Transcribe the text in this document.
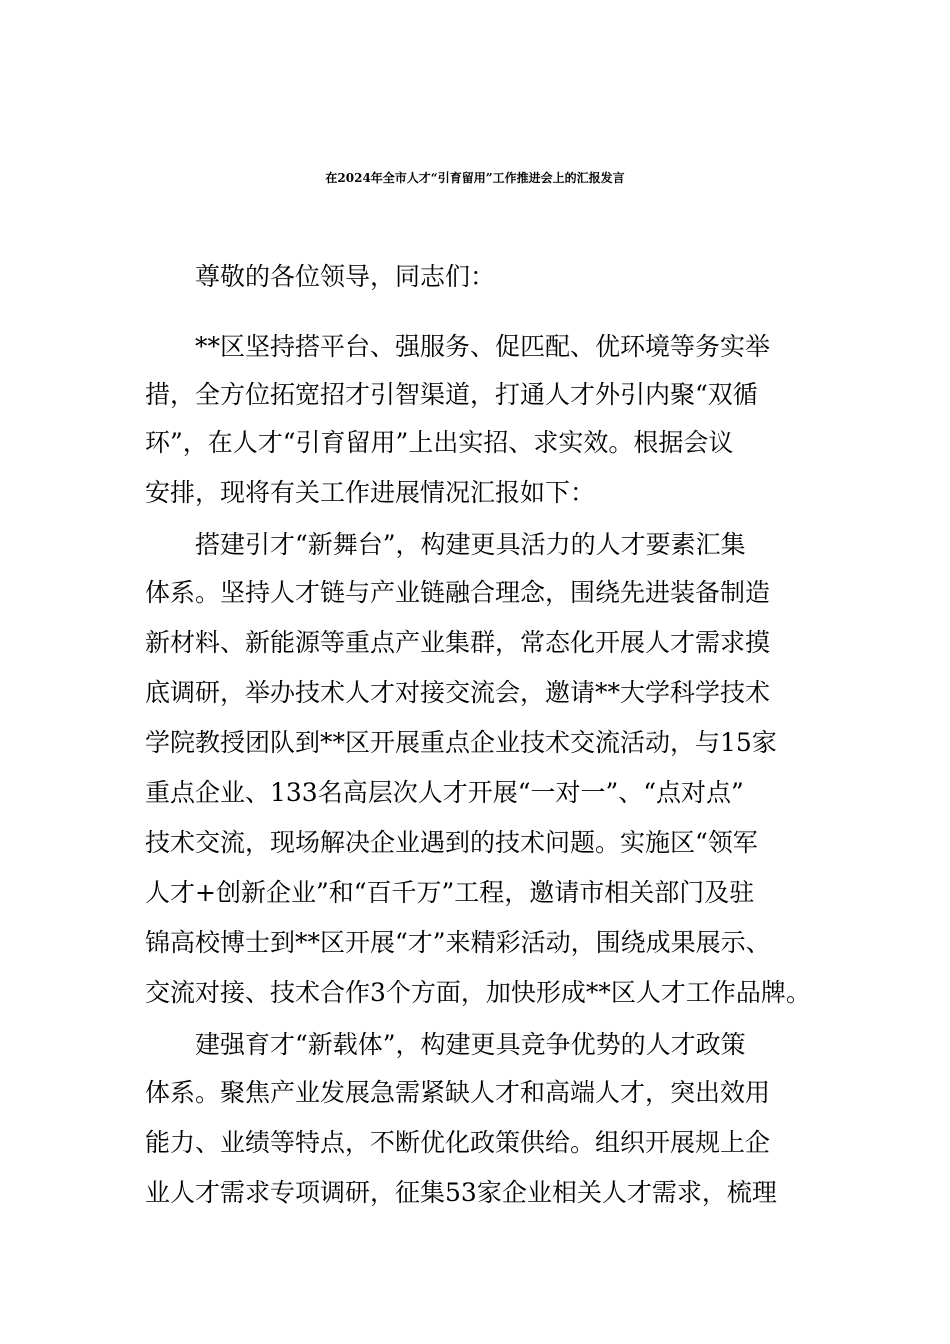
在2024年全市人才“引育留用”工作推进会上的汇报发言
尊敬的各位领导，同志们：
**区坚持搭平台、强服务、促匹配、优环境等务实举
措，全方位拓宽招才引智渠道，打通人才外引内聚“双循
环”，在人才“引育留用”上出实招、求实效。根据会议
安排，现将有关工作进展情况汇报如下：
搭建引才“新舞台”，构建更具活力的人才要素汇集
体系。坚持人才链与产业链融合理念，围绕先进装备制造
新材料、新能源等重点产业集群，常态化开展人才需求摸
底调研，举办技术人才对接交流会，邀请**大学科学技术
学院教授团队到**区开展重点企业技术交流活动，与15家
重点企业、133名高层次人才开展“一对一”、“点对点”
技术交流，现场解决企业遇到的技术问题。实施区“领军
人才+创新企业”和“百千万”工程，邀请市相关部门及驻
锦高校博士到**区开展“才”来精彩活动，围绕成果展示、
交流对接、技术合作3个方面，加快形成**区人才工作品牌。
建强育才“新载体”，构建更具竞争优势的人才政策
体系。聚焦产业发展急需紧缺人才和高端人才，突出效用
能力、业绩等特点，不断优化政策供给。组织开展规上企
业人才需求专项调研，征集53家企业相关人才需求，梳理
